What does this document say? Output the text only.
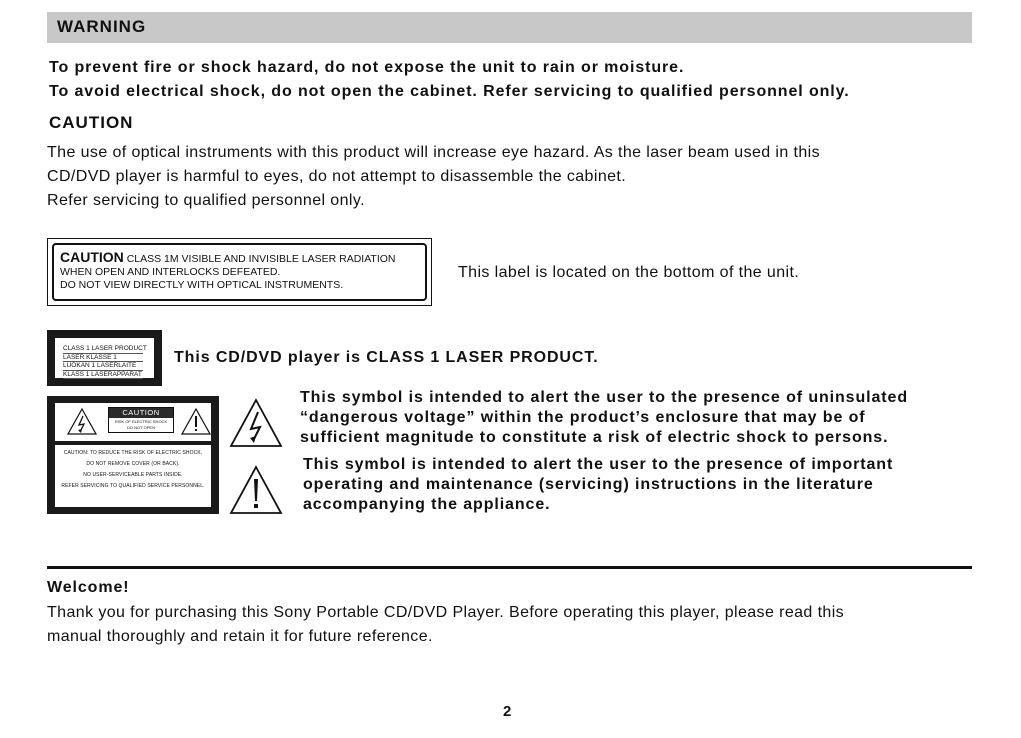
WARNING
To prevent fire or shock hazard, do not expose the unit to rain or moisture.
To avoid electrical shock, do not open the cabinet. Refer servicing to qualified personnel only.
CAUTION
The use of optical instruments with this product will increase eye hazard. As the laser beam used in this
CD/DVD player is harmful to eyes, do not attempt to disassemble the cabinet.
Refer servicing to qualified personnel only.
CAUTION CLASS 1M VISIBLE AND INVISIBLE LASER RADIATION
WHEN OPEN AND INTERLOCKS DEFEATED.
DO NOT VIEW DIRECTLY WITH OPTICAL INSTRUMENTS.
This label is located on the bottom of the unit.
CLASS 1 LASER PRODUCT
LASER KLASSE 1
LUOKAN 1 LASERLAITE
KLASS 1 LASERAPPARAT
This CD/DVD player is CLASS 1 LASER PRODUCT.
CAUTION
RISK OF ELECTRIC SHOCK
DO NOT OPEN
CAUTION: TO REDUCE THE RISK OF ELECTRIC SHOCK,
DO NOT REMOVE COVER (OR BACK).
NO USER-SERVICEABLE PARTS INSIDE.
REFER SERVICING TO QUALIFIED SERVICE PERSONNEL.
This symbol is intended to alert the user to the presence of uninsulated
“dangerous voltage” within the product’s enclosure that may be of
sufficient magnitude to constitute a risk of electric shock to persons.
This symbol is intended to alert the user to the presence of important
operating and maintenance (servicing) instructions in the literature
accompanying the appliance.
Welcome!
Thank you for purchasing this Sony Portable CD/DVD Player. Before operating this player, please read this
manual thoroughly and retain it for future reference.
2
